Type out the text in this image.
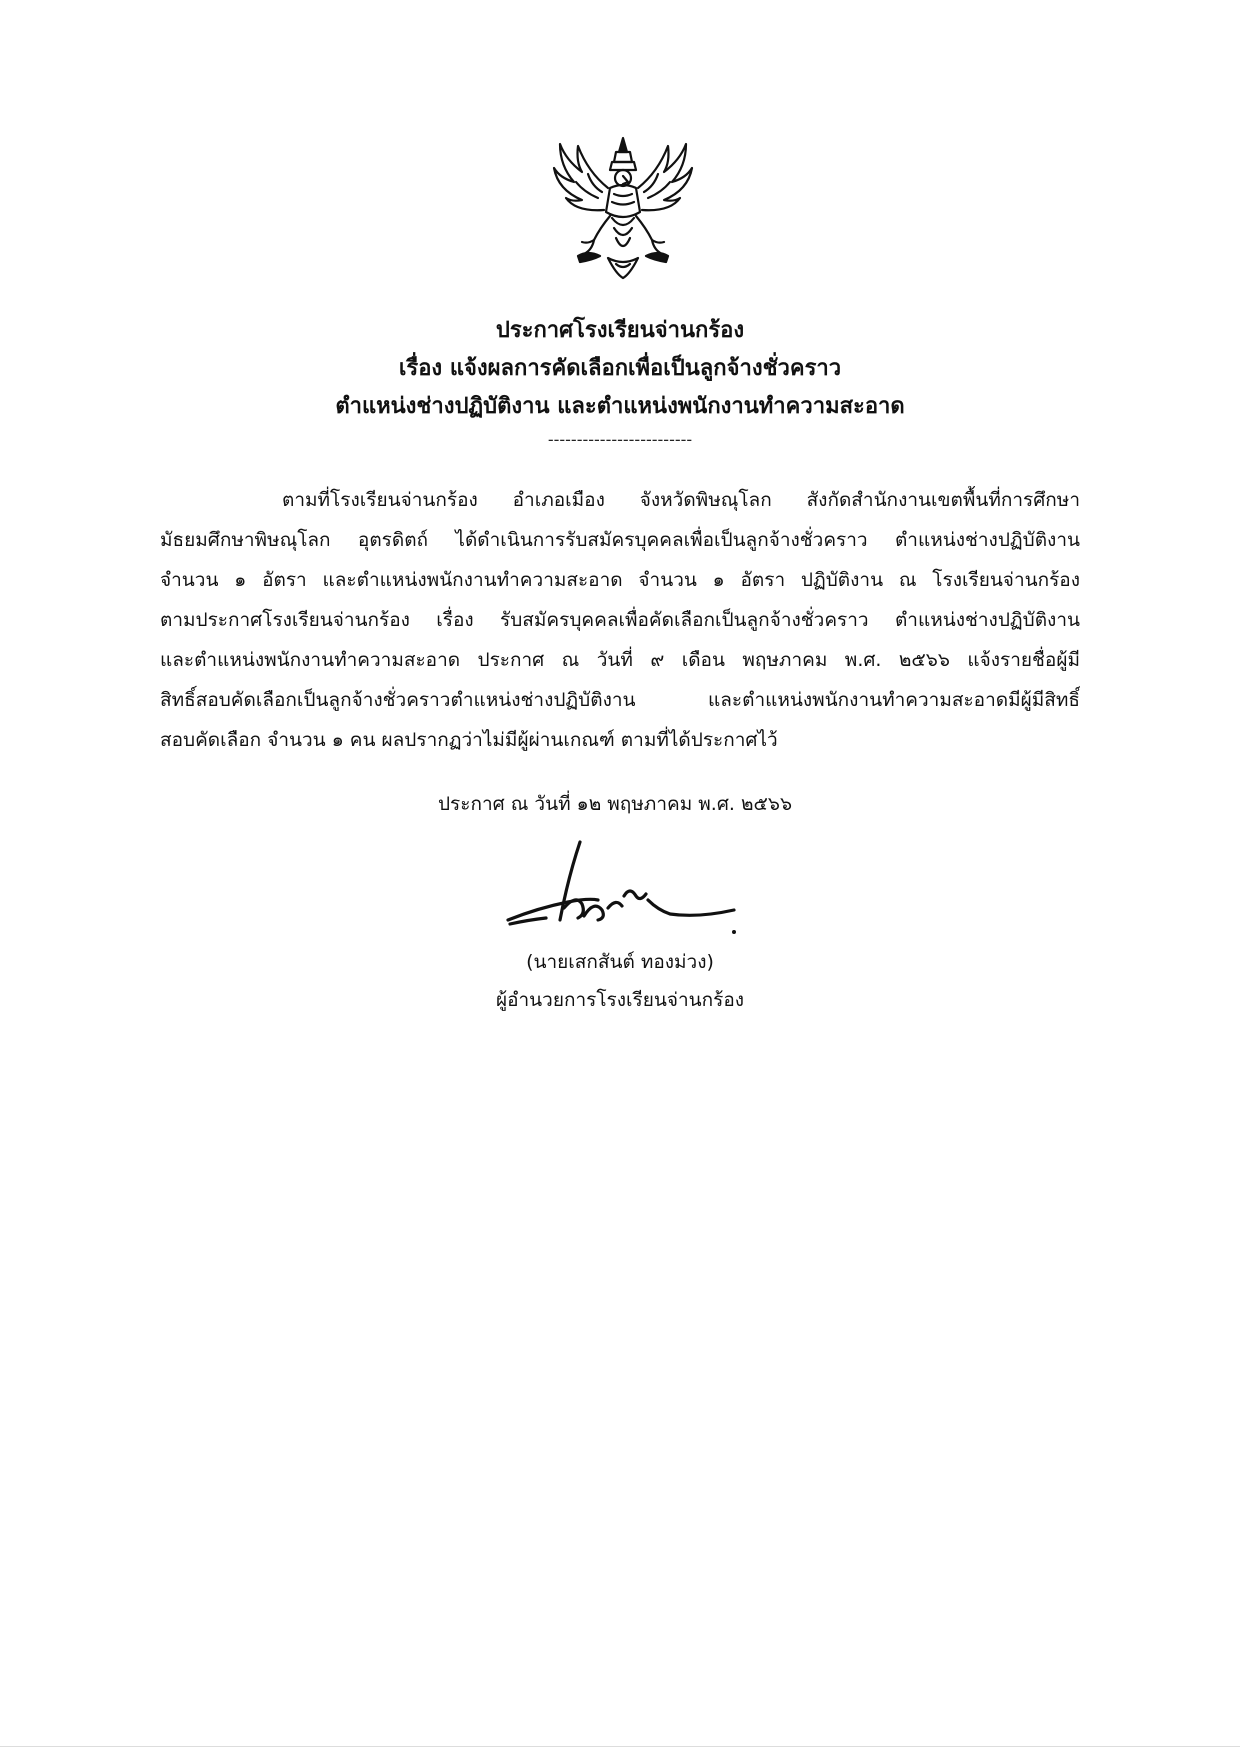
ประกาศโรงเรียนจ่านกร้อง
เรื่อง แจ้งผลการคัดเลือกเพื่อเป็นลูกจ้างชั่วคราว
ตำแหน่งช่างปฏิบัติงาน และตำแหน่งพนักงานทำความสะอาด
-------------------------
ตามที่โรงเรียนจ่านกร้อง อำเภอเมือง จังหวัดพิษณุโลก สังกัดสำนักงานเขตพื้นที่การศึกษา
มัธยมศึกษาพิษณุโลก อุตรดิตถ์ ได้ดำเนินการรับสมัครบุคคลเพื่อเป็นลูกจ้างชั่วคราว ตำแหน่งช่างปฏิบัติงาน
จำนวน ๑ อัตรา และตำแหน่งพนักงานทำความสะอาด จำนวน ๑ อัตรา ปฏิบัติงาน ณ โรงเรียนจ่านกร้อง
ตามประกาศโรงเรียนจ่านกร้อง เรื่อง รับสมัครบุคคลเพื่อคัดเลือกเป็นลูกจ้างชั่วคราว ตำแหน่งช่างปฏิบัติงาน
และตำแหน่งพนักงานทำความสะอาด ประกาศ ณ วันที่ ๙ เดือน พฤษภาคม พ.ศ. ๒๕๖๖ แจ้งรายชื่อผู้มี
สิทธิ์สอบคัดเลือกเป็นลูกจ้างชั่วคราวตำแหน่งช่างปฏิบัติงาน และตำแหน่งพนักงานทำความสะอาดมีผู้มีสิทธิ์
สอบคัดเลือก จำนวน ๑ คน ผลปรากฏว่าไม่มีผู้ผ่านเกณฑ์ ตามที่ได้ประกาศไว้
ประกาศ ณ วันที่ ๑๒ พฤษภาคม พ.ศ. ๒๕๖๖
(นายเสกสันต์ ทองม่วง)
ผู้อำนวยการโรงเรียนจ่านกร้อง
